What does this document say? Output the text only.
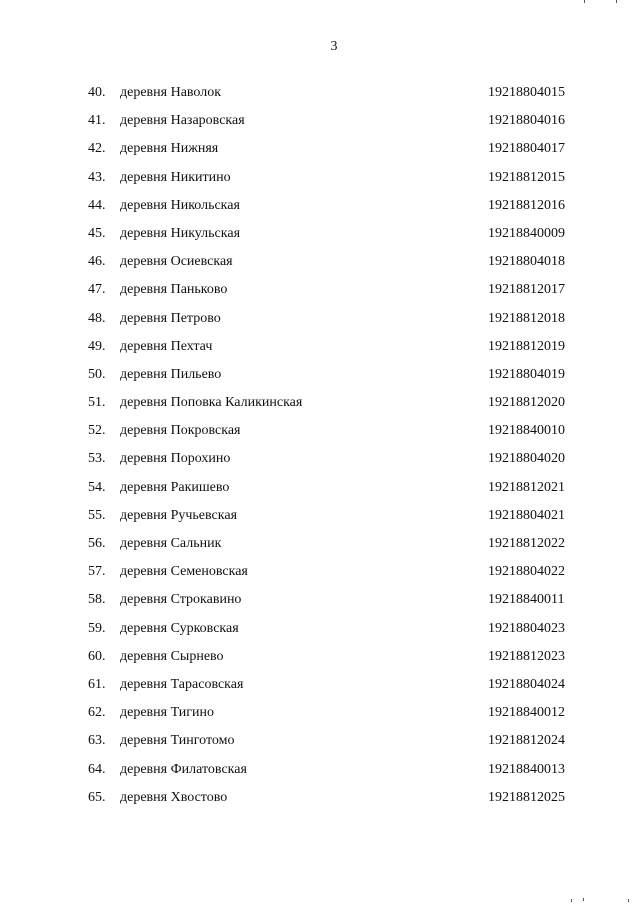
3
40. деревня Наволок	19218804015
41. деревня Назаровская	19218804016
42. деревня Нижняя	19218804017
43. деревня Никитино	19218812015
44. деревня Никольская	19218812016
45. деревня Никульская	19218840009
46. деревня Осиевская	19218804018
47. деревня Паньково	19218812017
48. деревня Петрово	19218812018
49. деревня Пехтач	19218812019
50. деревня Пильево	19218804019
51. деревня Поповка Каликинская	19218812020
52. деревня Покровская	19218840010
53. деревня Порохино	19218804020
54. деревня Ракишево	19218812021
55. деревня Ручьевская	19218804021
56. деревня Сальник	19218812022
57. деревня Семеновская	19218804022
58. деревня Строкавино	19218840011
59. деревня Сурковская	19218804023
60. деревня Сырнево	19218812023
61. деревня Тарасовская	19218804024
62. деревня Тигино	19218840012
63. деревня Тинготомо	19218812024
64. деревня Филатовская	19218840013
65. деревня Хвостово	19218812025
